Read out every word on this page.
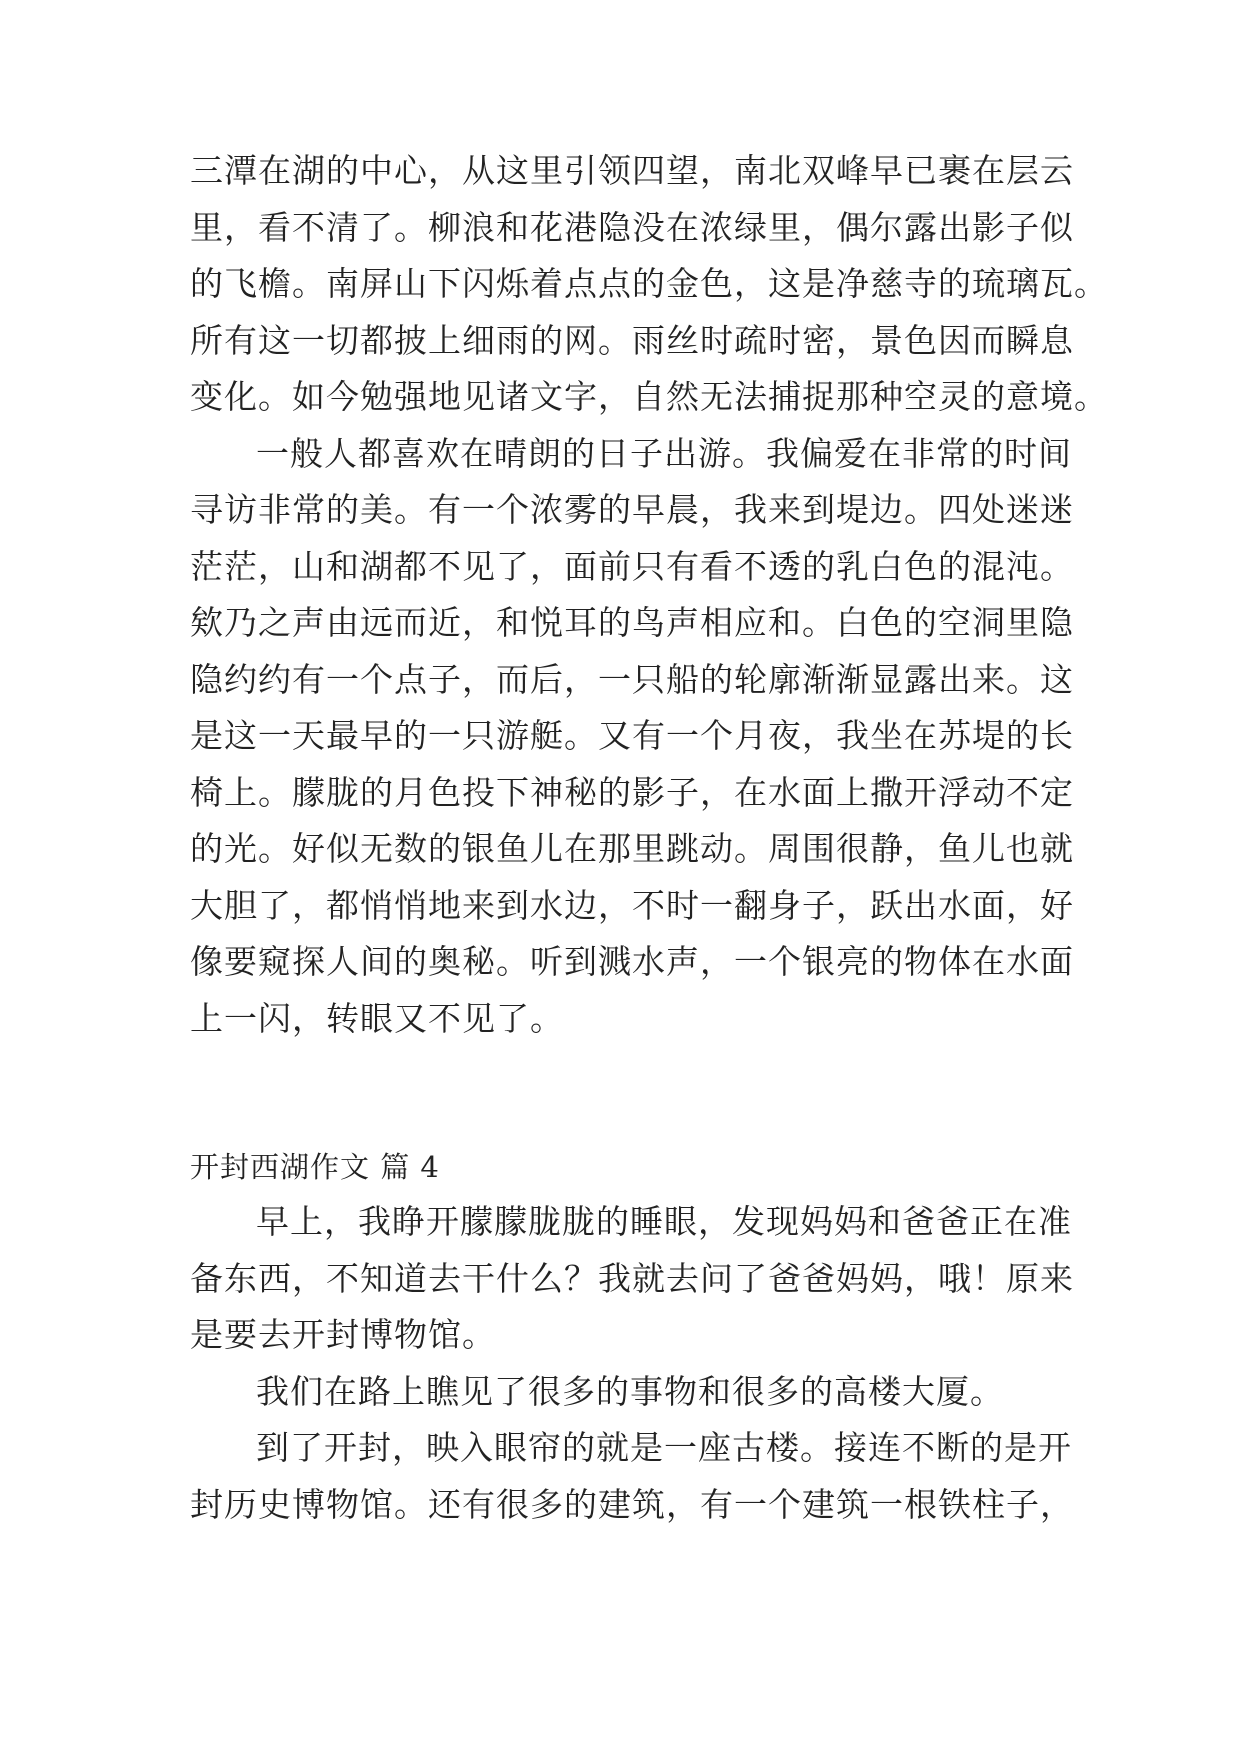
三潭在湖的中心，从这里引领四望，南北双峰早已裹在层云
里，看不清了。柳浪和花港隐没在浓绿里，偶尔露出影子似
的飞檐。南屏山下闪烁着点点的金色，这是净慈寺的琉璃瓦。
所有这一切都披上细雨的网。雨丝时疏时密，景色因而瞬息
变化。如今勉强地见诸文字，自然无法捕捉那种空灵的意境。
一般人都喜欢在晴朗的日子出游。我偏爱在非常的时间
寻访非常的美。有一个浓雾的早晨，我来到堤边。四处迷迷
茫茫，山和湖都不见了，面前只有看不透的乳白色的混沌。
欸乃之声由远而近，和悦耳的鸟声相应和。白色的空洞里隐
隐约约有一个点子，而后，一只船的轮廓渐渐显露出来。这
是这一天最早的一只游艇。又有一个月夜，我坐在苏堤的长
椅上。朦胧的月色投下神秘的影子，在水面上撒开浮动不定
的光。好似无数的银鱼儿在那里跳动。周围很静，鱼儿也就
大胆了，都悄悄地来到水边，不时一翻身子，跃出水面，好
像要窥探人间的奥秘。听到溅水声，一个银亮的物体在水面
上一闪，转眼又不见了。
开封西湖作文 篇 4
早上，我睁开朦朦胧胧的睡眼，发现妈妈和爸爸正在准
备东西，不知道去干什么？我就去问了爸爸妈妈，哦！原来
是要去开封博物馆。
我们在路上瞧见了很多的事物和很多的高楼大厦。
到了开封，映入眼帘的就是一座古楼。接连不断的是开
封历史博物馆。还有很多的建筑，有一个建筑一根铁柱子，
